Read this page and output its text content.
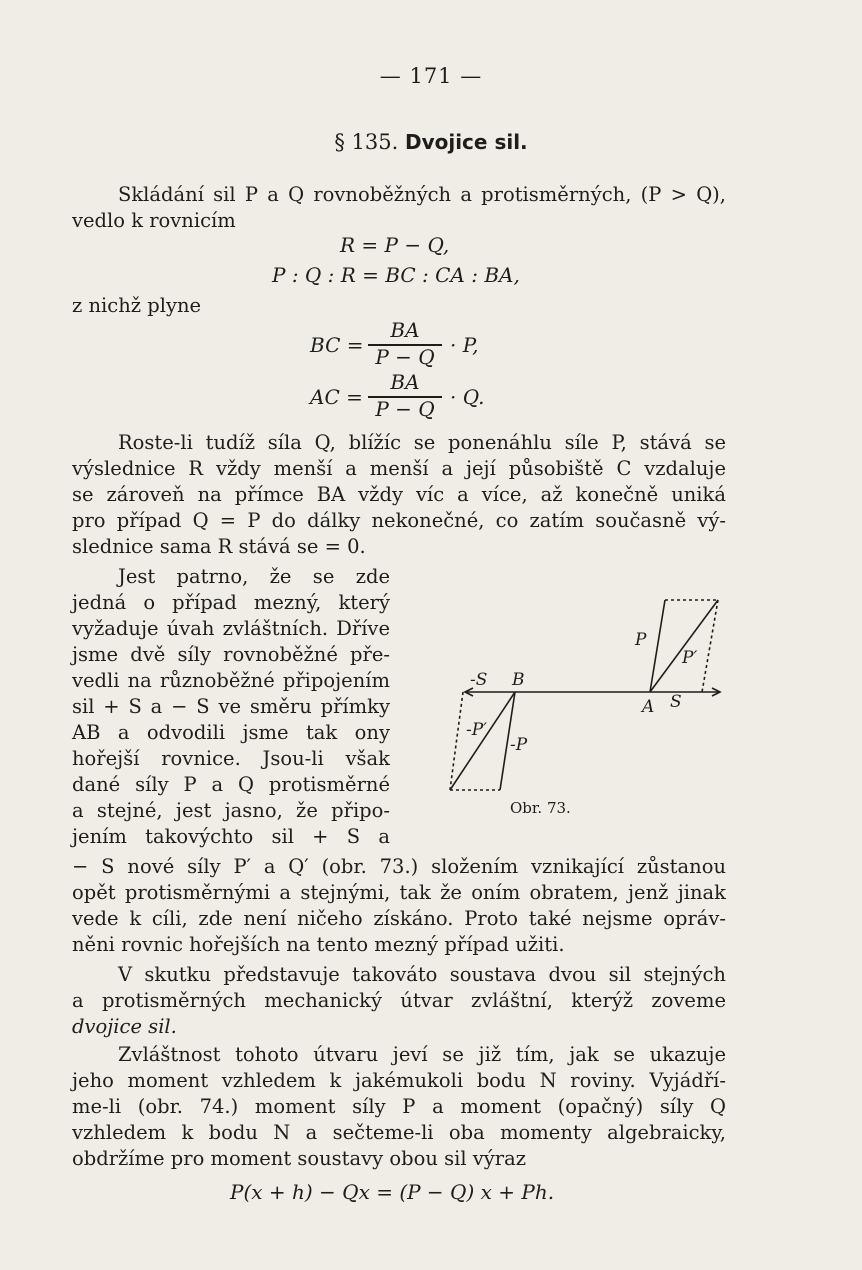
— 171 —
§ 135. Dvojice sil.
Skládání sil P a Q rovnoběžných a protisměrných, (P > Q),
vedlo k rovnicím
R = P − Q,
P : Q : R = BC : CA : BA,
z nichž plyne
BC =
BA
P − Q · P,
AC =
BA
P − Q · Q.
Roste-li tudíž síla Q, blížíc se ponenáhlu síle P, stává se
výslednice R vždy menší a menší a její působiště C vzdaluje
se zároveň na přímce BA vždy víc a více, až konečně uniká
pro případ Q = P do dálky nekonečné, co zatím současně vý-
slednice sama R stává se = 0.
Jest patrno, že se zde
jedná o případ mezný, který
vyžaduje úvah zvláštních. Dříve
jsme dvě síly rovnoběžné pře-
vedli na různoběžné připojením
sil + S a − S ve směru přímky
AB a odvodili jsme tak ony
hořejší rovnice. Jsou-li však
dané síly P a Q protisměrné
a stejné, jest jasno, že připo-
jením takovýchto sil + S a
P
P′
-S B
A S
-P′
-P
Obr. 73.
− S nové síly P′ a Q′ (obr. 73.) složením vznikající zůstanou
opět protisměrnými a stejnými, tak že oním obratem, jenž jinak
vede k cíli, zde není ničeho získáno. Proto také nejsme opráv-
něni rovnic hořejších na tento mezný případ užiti.
V skutku představuje takováto soustava dvou sil stejných
a protisměrných mechanický útvar zvláštní, kterýž zoveme
dvojice sil.
Zvláštnost tohoto útvaru jeví se již tím, jak se ukazuje
jeho moment vzhledem k jakémukoli bodu N roviny. Vyjádří-
me-li (obr. 74.) moment síly P a moment (opačný) síly Q
vzhledem k bodu N a sečteme-li oba momenty algebraicky,
obdržíme pro moment soustavy obou sil výraz
P(x + h) − Qx = (P − Q) x + Ph.
